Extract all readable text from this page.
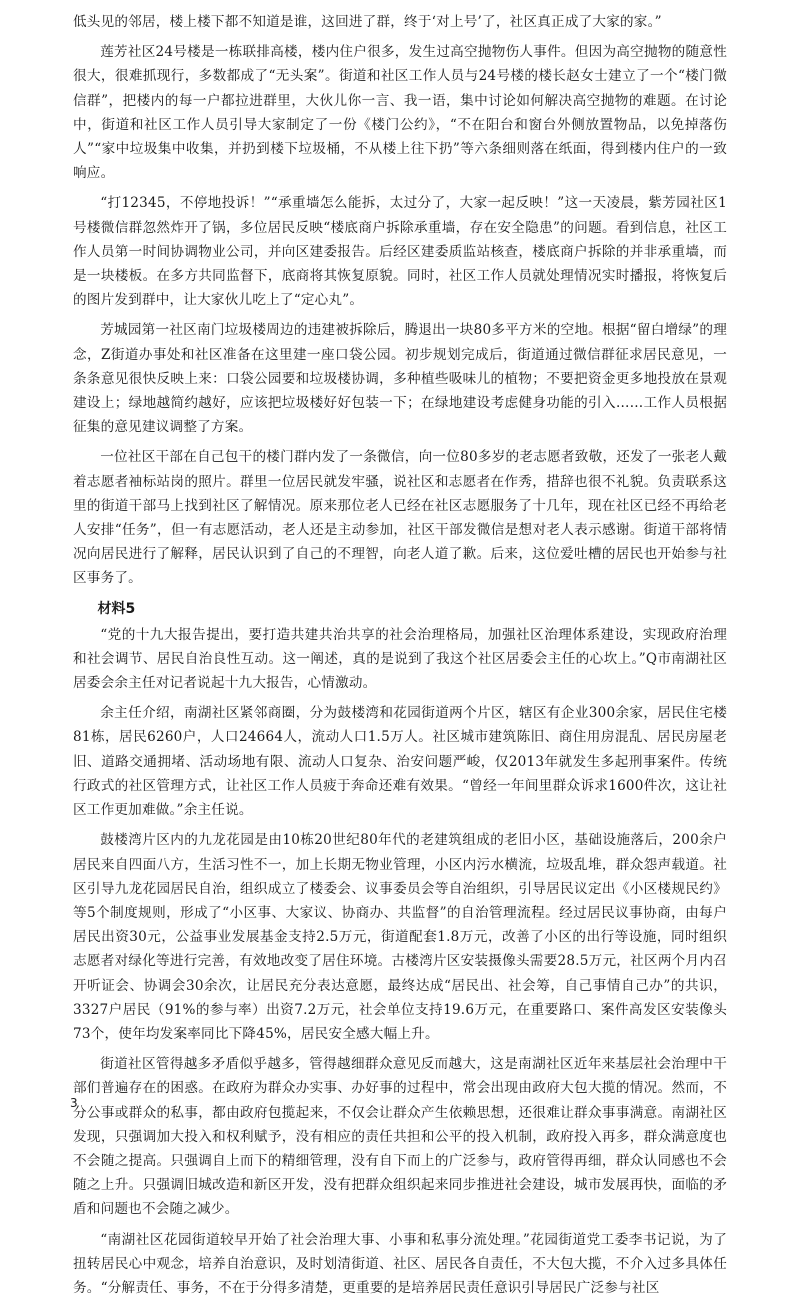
低头见的邻居，楼上楼下都不知道是谁，这回进了群，终于‘对上号’了，社区真正成了大家的家。”

莲芳社区24号楼是一栋联排高楼，楼内住户很多，发生过高空抛物伤人事件。但因为高空抛物的随意性很大，很难抓现行，多数都成了“无头案”。街道和社区工作人员与24号楼的楼长赵女士建立了一个“楼门微信群”，把楼内的每一户都拉进群里，大伙儿你一言、我一语，集中讨论如何解决高空抛物的难题。在讨论中，街道和社区工作人员引导大家制定了一份《楼门公约》，“不在阳台和窗台外侧放置物品，以免掉落伤人”“家中垃圾集中收集，并扔到楼下垃圾桶，不从楼上往下扔”等六条细则落在纸面，得到楼内住户的一致响应。

“打12345，不停地投诉！”“承重墙怎么能拆，太过分了，大家一起反映！”这一天凌晨，紫芳园社区1号楼微信群忽然炸开了锅，多位居民反映“楼底商户拆除承重墙，存在安全隐患”的问题。看到信息，社区工作人员第一时间协调物业公司，并向区建委报告。后经区建委质监站核查，楼底商户拆除的并非承重墙，而是一块楼板。在多方共同监督下，底商将其恢复原貌。同时，社区工作人员就处理情况实时播报，将恢复后的图片发到群中，让大家伙儿吃上了“定心丸”。

芳城园第一社区南门垃圾楼周边的违建被拆除后，腾退出一块80多平方米的空地。根据“留白增绿”的理念，Z街道办事处和社区准备在这里建一座口袋公园。初步规划完成后，街道通过微信群征求居民意见，一条条意见很快反映上来：口袋公园要和垃圾楼协调，多种植些吸味儿的植物；不要把资金更多地投放在景观建设上；绿地越简约越好，应该把垃圾楼好好包装一下；在绿地建设考虑健身功能的引入……工作人员根据征集的意见建议调整了方案。

一位社区干部在自己包干的楼门群内发了一条微信，向一位80多岁的老志愿者致敬，还发了一张老人戴着志愿者袖标站岗的照片。群里一位居民就发牢骚，说社区和志愿者在作秀，措辞也很不礼貌。负责联系这里的街道干部马上找到社区了解情况。原来那位老人已经在社区志愿服务了十几年，现在社区已经不再给老人安排“任务”，但一有志愿活动，老人还是主动参加，社区干部发微信是想对老人表示感谢。街道干部将情况向居民进行了解释，居民认识到了自己的不理智，向老人道了歉。后来，这位爱吐槽的居民也开始参与社区事务了。

材料5

“党的十九大报告提出，要打造共建共治共享的社会治理格局，加强社区治理体系建设，实现政府治理和社会调节、居民自治良性互动。这一阐述，真的是说到了我这个社区居委会主任的心坎上。”Q市南湖社区居委会余主任对记者说起十九大报告，心情激动。

余主任介绍，南湖社区紧邻商圈，分为鼓楼湾和花园街道两个片区，辖区有企业300余家，居民住宅楼81栋，居民6260户，人口24664人，流动人口1.5万人。社区城市建筑陈旧、商住用房混乱、居民房屋老旧、道路交通拥堵、活动场地有限、流动人口复杂、治安问题严峻，仅2013年就发生多起刑事案件。传统行政式的社区管理方式，让社区工作人员疲于奔命还难有效果。“曾经一年间里群众诉求1600件次，这让社区工作更加难做。”余主任说。

鼓楼湾片区内的九龙花园是由10栋20世纪80年代的老建筑组成的老旧小区，基础设施落后，200余户居民来自四面八方，生活习性不一，加上长期无物业管理，小区内污水横流，垃圾乱堆，群众怨声载道。社区引导九龙花园居民自治，组织成立了楼委会、议事委员会等自治组织，引导居民议定出《小区楼规民约》等5个制度规则，形成了“小区事、大家议、协商办、共监督”的自治管理流程。经过居民议事协商，由每户居民出资30元，公益事业发展基金支持2.5万元，街道配套1.8万元，改善了小区的出行等设施，同时组织志愿者对绿化等进行完善，有效地改变了居住环境。古楼湾片区安装摄像头需要28.5万元，社区两个月内召开听证会、协调会30余次，让居民充分表达意愿，最终达成“居民出、社会筹，自己事情自己办”的共识，3327户居民（91%的参与率）出资7.2万元，社会单位支持19.6万元，在重要路口、案件高发区安装像头73个，使年均发案率同比下降45%，居民安全感大幅上升。

街道社区管得越多矛盾似乎越多，管得越细群众意见反而越大，这是南湖社区近年来基层社会治理中干部们普遍存在的困惑。在政府为群众办实事、办好事的过程中，常会出现由政府大包大揽的情况。然而，不分公事或群众的私事，都由政府包揽起来，不仅会让群众产生依赖思想，还很难让群众事事满意。南湖社区发现，只强调加大投入和权利赋予，没有相应的责任共担和公平的投入机制，政府投入再多，群众满意度也不会随之提高。只强调自上而下的精细管理，没有自下而上的广泛参与，政府管得再细，群众认同感也不会随之上升。只强调旧城改造和新区开发，没有把群众组织起来同步推进社会建设，城市发展再快，面临的矛盾和问题也不会随之减少。

“南湖社区花园街道较早开始了社会治理大事、小事和私事分流处理。”花园街道党工委李书记说，为了扭转居民心中观念，培养自治意识，及时划清街道、社区、居民各自责任，不大包大揽，不介入过多具体任务。“分解责任、事务，不在于分得多清楚，更重要的是培养居民责任意识引导居民广泛参与社区

3
